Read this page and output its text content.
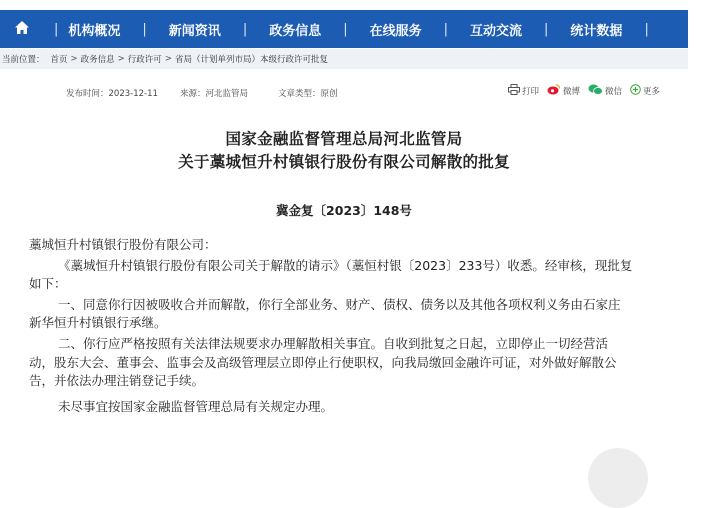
| 机构概况	|	新闻资讯	|	政务信息	|	在线服务	|	互动交流	|	统计数据	|
当前位置： 首页 > 政务信息 > 行政许可 > 省局（计划单列市局）本级行政许可批复
发布时间：2023-12-11	来源：河北监管局	文章类型：原创	打印	微博	微信 更多
国家金融监督管理总局河北监管局
关于藁城恒升村镇银行股份有限公司解散的批复
冀金复〔2023〕148号
藁城恒升村镇银行股份有限公司：
《藁城恒升村镇银行股份有限公司关于解散的请示》（藁恒村银〔2023〕233号）收悉。经审核，现批复
如下：
一、同意你行因被吸收合并而解散，你行全部业务、财产、债权、债务以及其他各项权利义务由石家庄
新华恒升村镇银行承继。
二、你行应严格按照有关法律法规要求办理解散相关事宜。自收到批复之日起，立即停止一切经营活
动，股东大会、董事会、监事会及高级管理层立即停止行使职权，向我局缴回金融许可证，对外做好解散公
告，并依法办理注销登记手续。
未尽事宜按国家金融监督管理总局有关规定办理。
